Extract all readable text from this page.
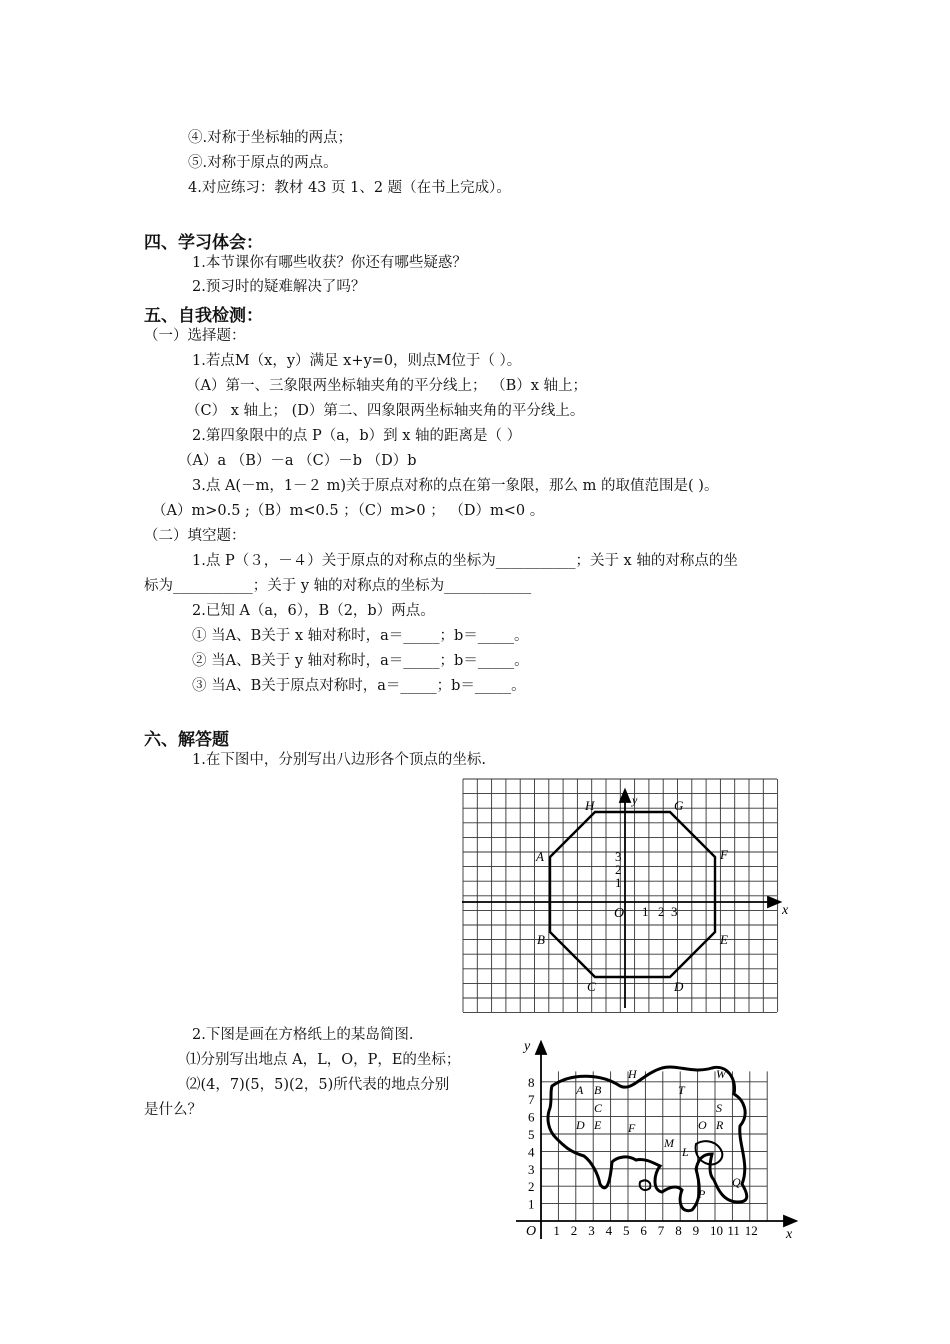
④.对称于坐标轴的两点；
⑤.对称于原点的两点。
4.对应练习：教材 43 页 1、2 题（在书上完成）。
四、学习体会：
1.本节课你有哪些收获？你还有哪些疑惑？
2.预习时的疑难解决了吗？
五、自我检测：
（一）选择题：
1.若点M（x，y）满足 x+y=0，则点M位于（ ）。
（A）第一、三象限两坐标轴夹角的平分线上； （B）x 轴上；
（C） x 轴上； (D）第二、四象限两坐标轴夹角的平分线上。
2.第四象限中的点 P（a，b）到 x 轴的距离是（ ）
（A）a （B）－a （C）－b （D）b
3.点 A(－m，1－２ m)关于原点对称的点在第一象限，那么 m 的取值范围是( )。
（A）m>0.5 ;（B）m<0.5 ；（C）m>0 ； （D）m<0 。
（二）填空题：
1.点 P（３，－４）关于原点的对称点的坐标为___________；关于 x 轴的对称点的坐
标为___________；关于 y 轴的对称点的坐标为____________
2.已知 A（a，6），B（2，b）两点。
① 当A、B关于 x 轴对称时，a＝_____；b＝_____。
② 当A、B关于 y 轴对称时，a＝_____；b＝_____。
③ 当A、B关于原点对称时，a＝_____；b＝_____。
六、解答题
1.在下图中，分别写出八边形各个顶点的坐标.
A
B
C	D
E
F
G
H
x
y
O 1 2 3
1
2
3
2.下图是画在方格纸上的某岛简图.
⑴分别写出地点 A，L，O，P，E的坐标；
⑵(4，7)(5，5)(2，5)所代表的地点分别
是什么？
A B
C
D E F
H
T
W
S
O R
M
L
P
Q
x
y
O 1 2 3 4 5 6 7 8 9 10 11 12
1
2
3
4
5
6
7
8
